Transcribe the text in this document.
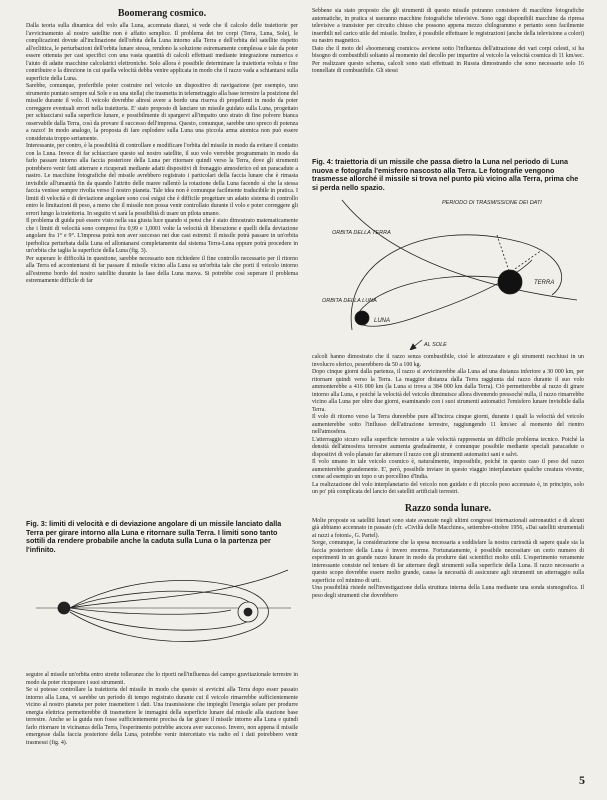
Boomerang cosmico.

Dalla teoria sulla dinamica del volo alla Luna, accennata dianzi, si vede che il calcolo delle traiettorie per l'avvicinamento al nostro satellite non è affatto semplice. Il problema dei tre corpi (Terra, Luna, Sole), le complicazioni dovute all'inclinazione dell'orbita della Luna intorno alla Terra e dell'orbita del satellite rispetto all'eclittica, le perturbazioni dell'orbita lunare stessa, rendono la soluzione estremamente complessa e tale da poter essere ottenuta per casi specifici con una vasta quantità di calcoli effettuati mediante integrazione numerica e l'aiuto di adatte macchine calcolatrici elettroniche. Solo allora è possibile determinare la traiettoria voluta e fine contribuire e la direzione in cui quella velocità debba venire applicata in modo che il razzo vada a schiantarsi sulla superficie della Luna.

Sarebbe, comunque, preferibile poter costruire nel veicolo un dispositivo di navigazione (per esempio, uno strumento puntato sempre sul Sole e su una stella) che trasmetta in telemetraggio alla base terrestre la posizione del missile durante il volo. Il veicolo dovrebbe altresì avere a bordo una riserva di propellenti in modo da poter correggere eventuali errori nella traiettoria. E' stato proposto di lanciare un missile guidato sulla Luna, progettato per schiacciarsi sulla superficie lunare, e possibilmente di spargervi all'impatto uno strato di fine polvere bianca osservabile dalla Terra, così da provare il successo dell'impresa. Questo, comunque, sarebbe uno spreco di potenza a razzo! In modo analogo, la proposta di fare esplodere sulla Luna una piccola arma atomica non può essere considerata troppo seriamente.

Interessante, per contro, è la possibilità di controllare e modificare l'orbita del missile in modo da evitare il contatto con la Luna. Invece di far schiacciare questo sul nostro satellite, il suo volo verrebbe programmato in modo da farlo passare intorno alla faccia posteriore della Luna per ritornare quindi verso la Terra, dove gli strumenti potrebbero venir fatti atterrare e ricuperati mediante adatti dispositivi di frenaggio atmosferico ed un paracadute a nastro. Le macchine fotografiche del missile avrebbero registrato i particolari della faccia lunare che è rimasta invisibile all'umanità fin da quando l'attrito delle maree rallentò la rotazione della Luna facendo sì che la stessa faccia venisse sempre rivolta verso il nostro pianeta. Tale idea non è comunque facilmente traducibile in pratica. I limiti di velocità e di deviazione angolare sono così esigui che è difficile progettare un adatto sistema di controllo entro le limitazioni di peso, a meno che il missile non possa venir controllato durante il volo e poter correggere gli errori lungo la traiettoria. In seguito vi sarà la possibilità di usare un pilota umano.

Il problema di guida può essere visto nella sua giusta luce quando si pensi che è stato dimostrato matematicamente che i limiti di velocità sono compresi fra 0,99 e 1,0001 volte la velocità di liberazione e quelli della deviazione angolare fra 1° e 9°. L'impresa potrà non aver successo nei due casi estremi: il missile potrà passare in un'orbita iperbolica perturbata dalla Luna ed allontanarsi completamente dal sistema Terra-Luna oppure potrà procedere in un'orbita che taglia la superficie della Luna (fig. 3).

Per superare le difficoltà in questione, sarebbe necessario non richiedere il fine controllo necessario per il ritorno alla Terra ed accontentarsi di far passare il missile vicino alla Luna su un'orbita tale che porti il veicolo intorno all'estremo bordo del nostro satellite durante la fase della Luna nuova. Si potrebbe così superare il problema estremamente difficile di far

Fig. 3: limiti di velocità e di deviazione angolare di un missile lanciato dalla Terra per girare intorno alla Luna e ritornare sulla Terra. I limiti sono tanto sottili da rendere probabile anche la caduta sulla Luna o la partenza per l'infinito.

seguire al missile un'orbita entro strette tolleranze che lo riporti nell'influenza del campo gravitazionale terrestre in modo da poter ricuperare i suoi strumenti.

Se si potesse controllare la traiettoria del missile in modo che questo si avvicini alla Terra dopo esser passato intorno alla Luna, vi sarebbe un periodo di tempo registrato durante cui il veicolo rimarrebbe sufficientemente vicino al nostro pianeta per poter trasmettere i dati. Una trasmissione che impieghi l'energia solare per produrre energia elettrica permetterebbe di trasmettere le immagini della superficie lunare dal missile alla stazione base terrestre. Anche se la guida non fosse sufficientemente precisa da far girare il missile intorno alla Luna e quindi farlo ritornare in vicinanza della Terra, l'esperimento potrebbe ancora aver successo. Invero, non appena il missile emergesse dalla faccia posteriore della Luna, potrebbe venir intercettato via radio ed i dati potrebbero venir trasmessi (fig. 4).

Sebbene sia stato proposto che gli strumenti di questo missile potranno consistere di macchine fotografiche automatiche, in pratica si useranno macchine fotografiche televisive. Sono oggi disponibili macchine da ripresa televisive a transistor per circuito chiuso che possono appena mezzo chilogrammo e pertanto sono facilmente inseribili nel carico utile del missile. Inoltre, è possibile effettuare le registrazioni (anche della televisione a colori) su nastro magnetico.

Dato che il moto del «boomerang cosmico» avviene sotto l'influenza dell'attrazione dei vari corpi celesti, si ha bisogno di combustibili soltanto al momento del decollo per impartire al veicolo la velocità cosmica di 11 km/sec. Per realizzare questo schema, calcoli sono stati effettuati in Russia dimostrando che sono necessarie solo 16 tonnellate di combustibile. Gli stessi

Fig. 4: traiettoria di un missile che passa dietro la Luna nel periodo di Luna nuova e fotografa l'emisfero nascosto alla Terra. Le fotografie vengono trasmesse allorché il missile si trova nel punto più vicino alla Terra, prima che si perda nello spazio.

ORBITA DELLA TERRA
PERIODO DI TRASMISSIONE DEI DATI
TERRA
LUNA
ORBITA DELLA LUNA
AL SOLE

calcoli hanno dimostrato che il razzo senza combustibile, cioè le attrezzature e gli strumenti racchiusi in un involucro sferico, peserebbero da 50 a 100 kg.

Dopo cinque giorni dalla partenza, il razzo si avvicinerebbe alla Luna ad una distanza inferiore a 30 000 km, per ritornare quindi verso la Terra. La maggior distanza dalla Terra raggiunta dal razzo durante il suo volo ammonterebbe a 416 000 km (la Luna si trova a 384 000 km dalla Terra). Ciò permetterebbe al razzo di girare intorno alla Luna, e poiché la velocità del veicolo diminuisce allora divenendo pressoché nulla, il razzo rimarrebbe vicino alla Luna per oltre due giorni, esaminando con i suoi strumenti automatici l'emisfero lunare invisibile dalla Terra.

Il volo di ritorno verso la Terra durerebbe pure all'incirca cinque giorni, durante i quali la velocità del veicolo aumenterebbe sotto l'influsso dell'attrazione terrestre, raggiungendo 11 km/sec al momento del rientro nell'atmosfera.

L'atterraggio sicuro sulla superficie terrestre a tale velocità rappresenta un difficile problema tecnico. Poiché la densità dell'atmosfera terrestre aumenta gradualmente, è comunque possibile mediante speciali paracadute o dispositivi di volo planato far atterrare il razzo con gli strumenti automatici sani e salvi.

Il volo umano in tale veicolo cosmico è, naturalmente, impossibile, poiché in questo caso il peso del razzo aumenterebbe grandemente. E', però, possibile inviare in questo viaggio interplanetare qualche creatura vivente, come ad esempio un topo o un porcellino d'India.

La realizzazione del volo interplanetario del veicolo non guidato e di piccolo peso accennato è, in principio, solo un po' più complicata del lancio dei satelliti artificiali terrestri.

Razzo sonda lunare.

Molte proposte su satelliti lunari sono state avanzate negli ultimi congressi internazionali astronautici e di alcuni già abbiamo accennato in passato (cfr. «Civiltà delle Macchine», settembre-ottobre 1956, «Dai satelliti strumentali ai razzi a fotoni», G. Partel).

Sorge, comunque, la considerazione che la spesa necessaria a soddisfare la nostra curiosità di sapere quale sia la faccia posteriore della Luna è invero enorme. Fortunatamente, è possibile necessitare un certo numero di esperimenti in un grande razzo lunare in modo da produrre dati scientifici molto utili. L'esperimento veramente interessante consiste nel tentare di far atterrare degli strumenti sulla superficie della Luna. Il razzo necessario a questo scopo dovrebbe essere molto grande, causa la necessità di assicurare agli strumenti un atterraggio sulla superficie col minimo di urti.

Una possibilità risiede nell'investigazione della struttura interna della Luna mediante una sonda sismografica. Il peso degli strumenti che dovrebbero

5
